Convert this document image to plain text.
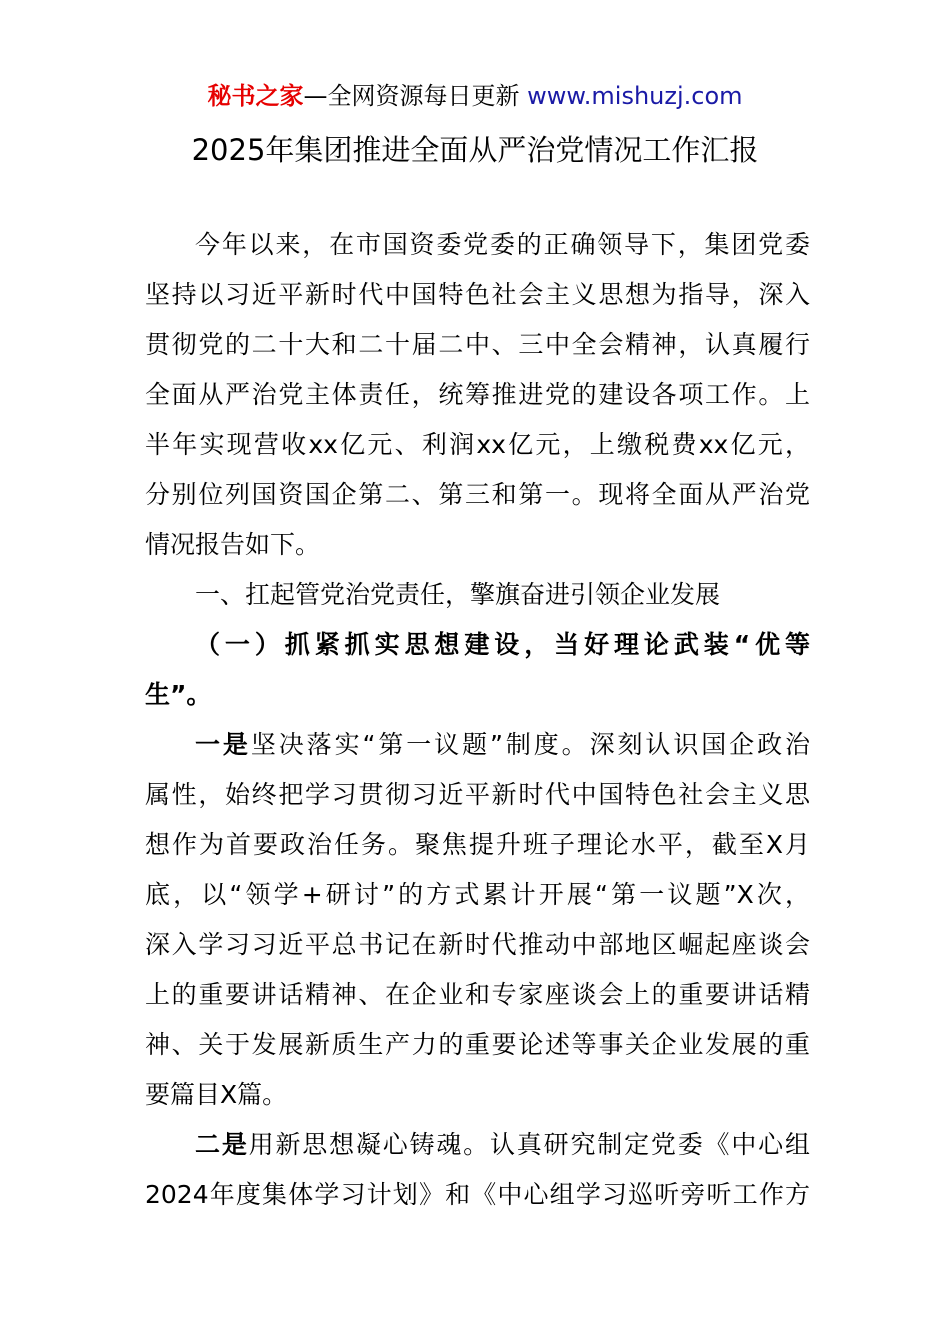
秘书之家—全网资源每日更新 www.mishuzj.com
2025年集团推进全面从严治党情况工作汇报
今年以来，在市国资委党委的正确领导下，集团党委
坚持以习近平新时代中国特色社会主义思想为指导，深入
贯彻党的二十大和二十届二中、三中全会精神，认真履行
全面从严治党主体责任，统筹推进党的建设各项工作。上
半年实现营收xx亿元、利润xx亿元，上缴税费xx亿元，
分别位列国资国企第二、第三和第一。现将全面从严治党
情况报告如下。
一、扛起管党治党责任，擎旗奋进引领企业发展
（一）抓紧抓实思想建设，当好理论武装“优等
生”。
一是坚决落实“第一议题”制度。深刻认识国企政治
属性，始终把学习贯彻习近平新时代中国特色社会主义思
想作为首要政治任务。聚焦提升班子理论水平，截至X月
底，以“领学+研讨”的方式累计开展“第一议题”X次，
深入学习习近平总书记在新时代推动中部地区崛起座谈会
上的重要讲话精神、在企业和专家座谈会上的重要讲话精
神、关于发展新质生产力的重要论述等事关企业发展的重
要篇目X篇。
二是用新思想凝心铸魂。认真研究制定党委《中心组
2024年度集体学习计划》和《中心组学习巡听旁听工作方
